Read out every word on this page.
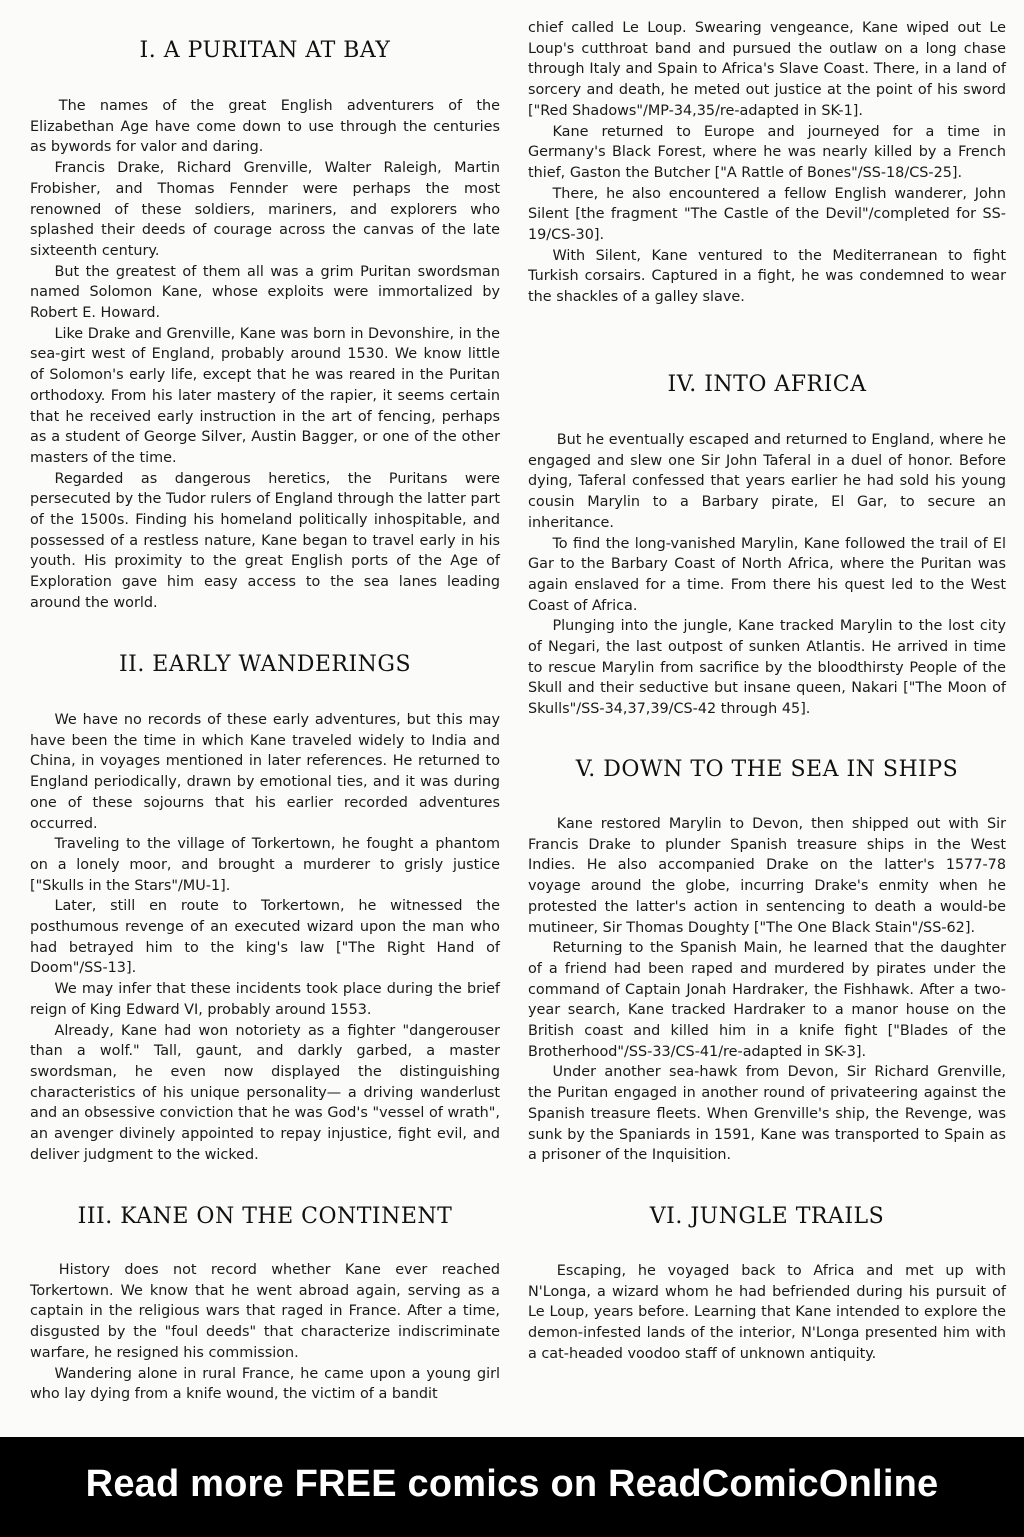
I. A PURITAN AT BAY

The names of the great English adventurers of the Elizabethan Age have come down to use through the centuries as bywords for valor and daring.

Francis Drake, Richard Grenville, Walter Raleigh, Martin Frobisher, and Thomas Fennder were perhaps the most renowned of these soldiers, mariners, and explorers who splashed their deeds of courage across the canvas of the late sixteenth century.

But the greatest of them all was a grim Puritan swordsman named Solomon Kane, whose exploits were immortalized by Robert E. Howard.

Like Drake and Grenville, Kane was born in Devonshire, in the sea-girt west of England, probably around 1530. We know little of Solomon's early life, except that he was reared in the Puritan orthodoxy. From his later mastery of the rapier, it seems certain that he received early instruction in the art of fencing, perhaps as a student of George Silver, Austin Bagger, or one of the other masters of the time.

Regarded as dangerous heretics, the Puritans were persecuted by the Tudor rulers of England through the latter part of the 1500s. Finding his homeland politically inhospitable, and possessed of a restless nature, Kane began to travel early in his youth. His proximity to the great English ports of the Age of Exploration gave him easy access to the sea lanes leading around the world.

II. EARLY WANDERINGS

We have no records of these early adventures, but this may have been the time in which Kane traveled widely to India and China, in voyages mentioned in later references. He returned to England periodically, drawn by emotional ties, and it was during one of these sojourns that his earlier recorded adventures occurred.

Traveling to the village of Torkertown, he fought a phantom on a lonely moor, and brought a murderer to grisly justice ["Skulls in the Stars"/MU-1].

Later, still en route to Torkertown, he witnessed the posthumous revenge of an executed wizard upon the man who had betrayed him to the king's law ["The Right Hand of Doom"/SS-13].

We may infer that these incidents took place during the brief reign of King Edward VI, probably around 1553.

Already, Kane had won notoriety as a fighter "dangerouser than a wolf." Tall, gaunt, and darkly garbed, a master swordsman, he even now displayed the distinguishing characteristics of his unique personality— a driving wanderlust and an obsessive conviction that he was God's "vessel of wrath", an avenger divinely appointed to repay injustice, fight evil, and deliver judgment to the wicked.

III. KANE ON THE CONTINENT

History does not record whether Kane ever reached Torkertown. We know that he went abroad again, serving as a captain in the religious wars that raged in France. After a time, disgusted by the "foul deeds" that characterize indiscriminate warfare, he resigned his commission.

Wandering alone in rural France, he came upon a young girl who lay dying from a knife wound, the victim of a bandit

chief called Le Loup. Swearing vengeance, Kane wiped out Le Loup's cutthroat band and pursued the outlaw on a long chase through Italy and Spain to Africa's Slave Coast. There, in a land of sorcery and death, he meted out justice at the point of his sword ["Red Shadows"/MP-34,35/re-adapted in SK-1].

Kane returned to Europe and journeyed for a time in Germany's Black Forest, where he was nearly killed by a French thief, Gaston the Butcher ["A Rattle of Bones"/SS-18/CS-25].

There, he also encountered a fellow English wanderer, John Silent [the fragment "The Castle of the Devil"/completed for SS-19/CS-30].

With Silent, Kane ventured to the Mediterranean to fight Turkish corsairs. Captured in a fight, he was condemned to wear the shackles of a galley slave.

IV. INTO AFRICA

But he eventually escaped and returned to England, where he engaged and slew one Sir John Taferal in a duel of honor. Before dying, Taferal confessed that years earlier he had sold his young cousin Marylin to a Barbary pirate, El Gar, to secure an inheritance.

To find the long-vanished Marylin, Kane followed the trail of El Gar to the Barbary Coast of North Africa, where the Puritan was again enslaved for a time. From there his quest led to the West Coast of Africa.

Plunging into the jungle, Kane tracked Marylin to the lost city of Negari, the last outpost of sunken Atlantis. He arrived in time to rescue Marylin from sacrifice by the bloodthirsty People of the Skull and their seductive but insane queen, Nakari ["The Moon of Skulls"/SS-34,37,39/CS-42 through 45].

V. DOWN TO THE SEA IN SHIPS

Kane restored Marylin to Devon, then shipped out with Sir Francis Drake to plunder Spanish treasure ships in the West Indies. He also accompanied Drake on the latter's 1577-78 voyage around the globe, incurring Drake's enmity when he protested the latter's action in sentencing to death a would-be mutineer, Sir Thomas Doughty ["The One Black Stain"/SS-62].

Returning to the Spanish Main, he learned that the daughter of a friend had been raped and murdered by pirates under the command of Captain Jonah Hardraker, the Fishhawk. After a two-year search, Kane tracked Hardraker to a manor house on the British coast and killed him in a knife fight ["Blades of the Brotherhood"/SS-33/CS-41/re-adapted in SK-3].

Under another sea-hawk from Devon, Sir Richard Grenville, the Puritan engaged in another round of privateering against the Spanish treasure fleets. When Grenville's ship, the Revenge, was sunk by the Spaniards in 1591, Kane was transported to Spain as a prisoner of the Inquisition.

VI. JUNGLE TRAILS

Escaping, he voyaged back to Africa and met up with N'Longa, a wizard whom he had befriended during his pursuit of Le Loup, years before. Learning that Kane intended to explore the demon-infested lands of the interior, N'Longa presented him with a cat-headed voodoo staff of unknown antiquity.

Read more FREE comics on ReadComicOnline
